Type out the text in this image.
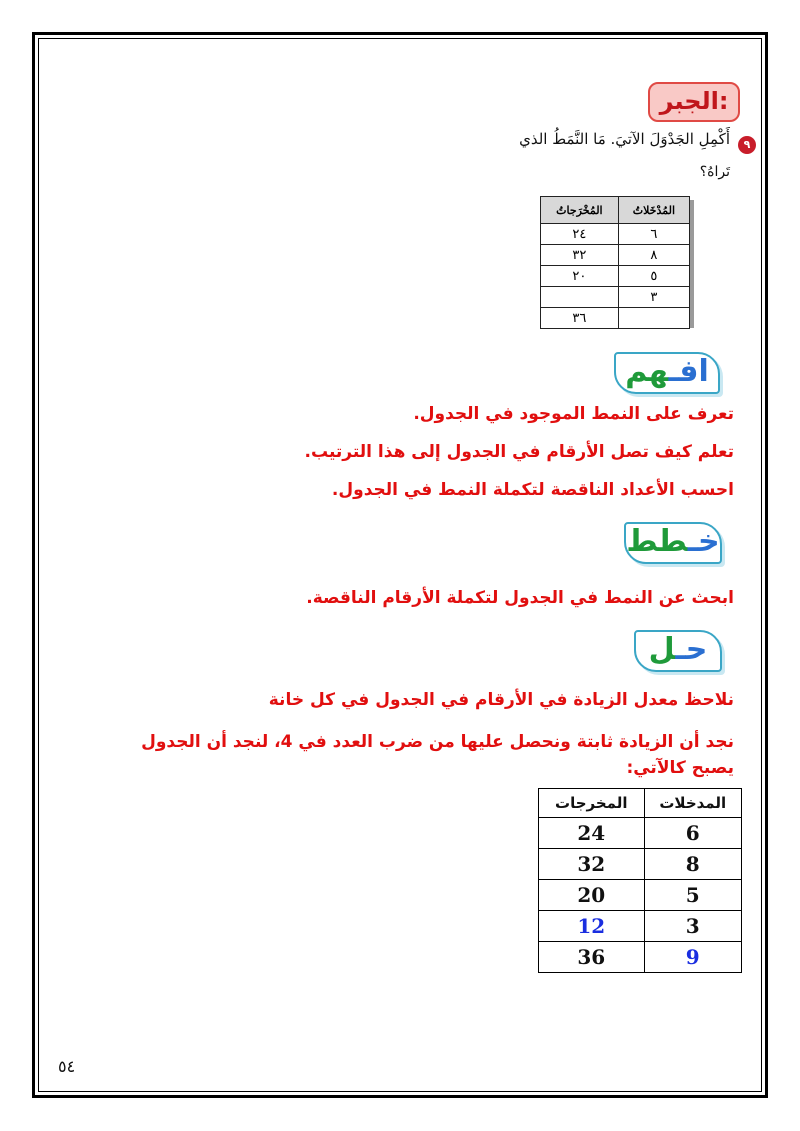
الجبر:
٩
أَكْمِلِ الجَدْوَلَ الآتيَ. مَا النَّمَطُ الذي
تَراهُ؟
المُدْخَلاتُ	المُخْرَجاتُ
٦	٢٤
٨	٣٢
٥	٢٠
٣	
	٣٦
افـهم
تعرف على النمط الموجود في الجدول.
تعلم كيف تصل الأرقام في الجدول إلى هذا الترتيب.
احسب الأعداد الناقصة لتكملة النمط في الجدول.
خـطط
ابحث عن النمط في الجدول لتكملة الأرقام الناقصة.
حـل
نلاحظ معدل الزيادة في الأرقام في الجدول في كل خانة
نجد أن الزيادة ثابتة ونحصل عليها من ضرب العدد في 4، لنجد أن الجدول
يصبح كالآتي:
المدخلات	المخرجات
6	24
8	32
5	20
3	12
9	36
٥٤
